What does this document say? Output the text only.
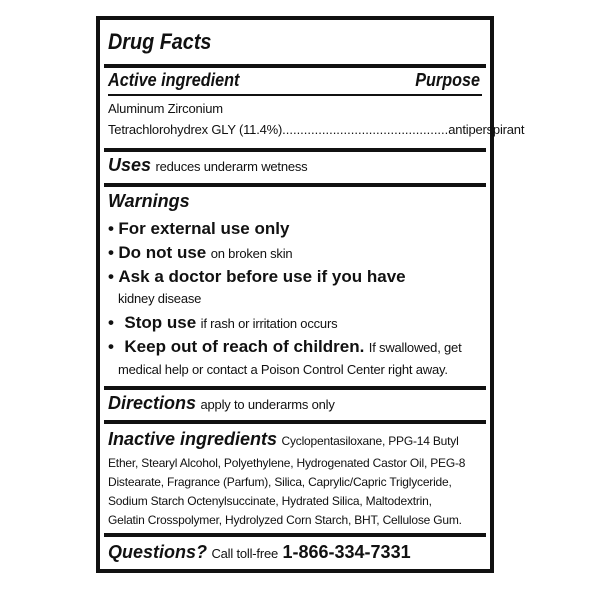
Drug Facts
Active ingredient	Purpose
Aluminum Zirconium
Tetrachlorohydrex GLY (11.4%) .............................................. antiperspirant
Uses reduces underarm wetness
Warnings
• For external use only
• Do not use on broken skin
• Ask a doctor before use if you have
kidney disease
• Stop use if rash or irritation occurs
• Keep out of reach of children. If swallowed, get
medical help or contact a Poison Control Center right away.
Directions apply to underarms only
Inactive ingredients Cyclopentasiloxane, PPG-14 Butyl
Ether, Stearyl Alcohol, Polyethylene, Hydrogenated Castor Oil, PEG-8
Distearate, Fragrance (Parfum), Silica, Caprylic/Capric Triglyceride,
Sodium Starch Octenylsuccinate, Hydrated Silica, Maltodextrin,
Gelatin Crosspolymer, Hydrolyzed Corn Starch, BHT, Cellulose Gum.
Questions? Call toll-free 1-866-334-7331
